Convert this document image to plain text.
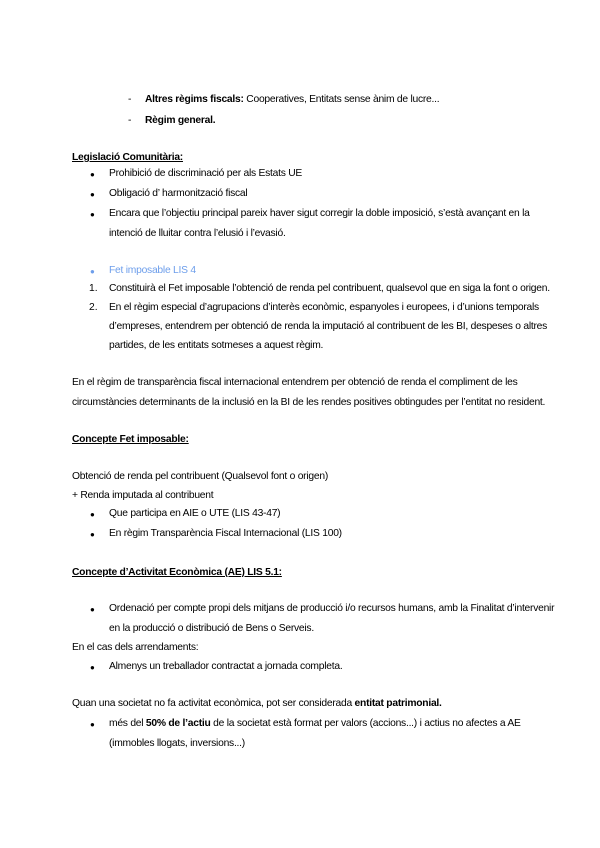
- Altres règims fiscals: Cooperatives, Entitats sense ànim de lucre...
- Règim general.
Legislació Comunitària:
● Prohibició de discriminació per als Estats UE
● Obligació d’ harmonització fiscal
● Encara que l’objectiu principal pareix haver sigut corregir la doble imposició, s’està avançant en la
intenció de lluitar contra l’elusió i l’evasió.
● Fet imposable LIS 4
1. Constituirà el Fet imposable l’obtenció de renda pel contribuent, qualsevol que en siga la font o origen.
2. En el règim especial d’agrupacions d’interès econòmic, espanyoles i europees, i d’unions temporals
d’empreses, entendrem per obtenció de renda la imputació al contribuent de les BI, despeses o altres
partides, de les entitats sotmeses a aquest règim.
En el règim de transparència fiscal internacional entendrem per obtenció de renda el compliment de les
circumstàncies determinants de la inclusió en la BI de les rendes positives obtingudes per l’entitat no resident.
Concepte Fet imposable:
Obtenció de renda pel contribuent (Qualsevol font o origen)
+ Renda imputada al contribuent
● Que participa en AIE o UTE (LIS 43-47)
● En règim Transparència Fiscal Internacional (LIS 100)
Concepte d’Activitat Econòmica (AE) LIS 5.1:
● Ordenació per compte propi dels mitjans de producció i/o recursos humans, amb la Finalitat d’intervenir
en la producció o distribució de Bens o Serveis.
En el cas dels arrendaments:
● Almenys un treballador contractat a jornada completa.
Quan una societat no fa activitat econòmica, pot ser considerada entitat patrimonial.
● més del 50% de l’actiu de la societat està format per valors (accions...) i actius no afectes a AE
(immobles llogats, inversions...)
